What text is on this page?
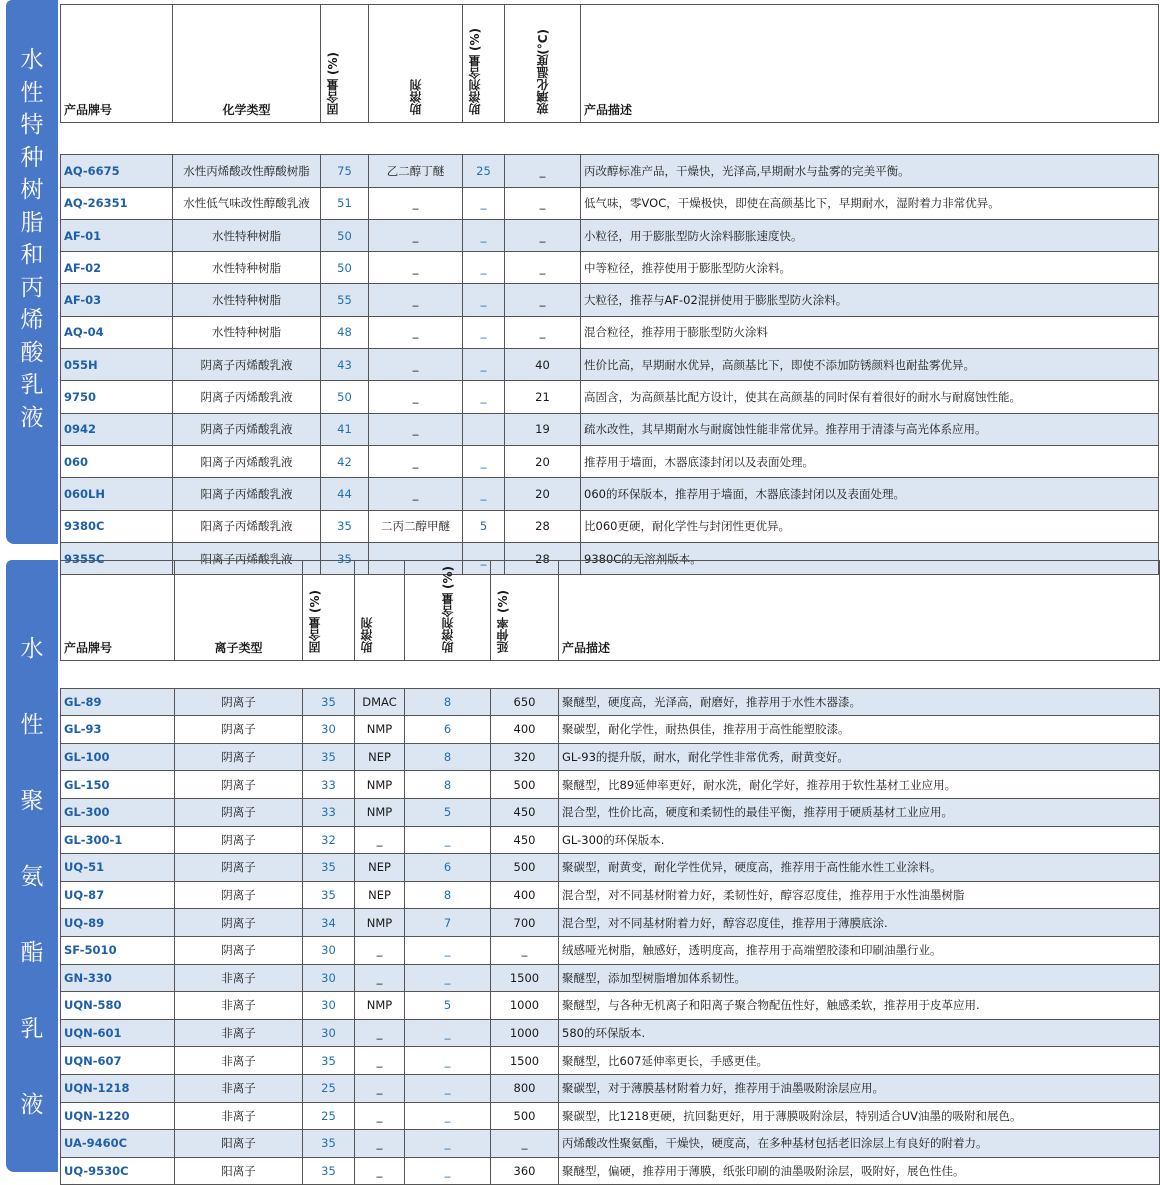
水
性
特
种
树
脂
和
丙
烯
酸
乳
液
产品牌号	化学类型	固含量 (%)	助溶剂	助溶剂含量 (%)	玻璃化温度(°C)	产品描述

AQ-6675	水性丙烯酸改性醇酸树脂	75	乙二醇丁醚	25	_	丙改醇标准产品，干燥快，光泽高,早期耐水与盐雾的完美平衡。
AQ-26351	水性低气味改性醇酸乳液	51	_	_	_	低气味，零VOC，干燥极快，即使在高颜基比下，早期耐水，湿附着力非常优异。
AF-01	水性特种树脂	50	_	_	_	小粒径，用于膨胀型防火涂料膨胀速度快。
AF-02	水性特种树脂	50	_	_	_	中等粒径，推荐使用于膨胀型防火涂料。
AF-03	水性特种树脂	55	_	_	_	大粒径，推荐与AF-02混拼使用于膨胀型防火涂料。
AQ-04	水性特种树脂	48	_	_	_	混合粒径，推荐用于膨胀型防火涂料
055H	阴离子丙烯酸乳液	43	_	_	40	性价比高，早期耐水优异，高颜基比下，即使不添加防锈颜料也耐盐雾优异。
9750	阴离子丙烯酸乳液	50	_	_	21	高固含，为高颜基比配方设计，使其在高颜基的同时保有着很好的耐水与耐腐蚀性能。
0942	阴离子丙烯酸乳液	41	_		19	疏水改性，其早期耐水与耐腐蚀性能非常优异。推荐用于清漆与高光体系应用。
060	阳离子丙烯酸乳液	42	_	_	20	推荐用于墙面，木器底漆封闭以及表面处理。
060LH	阳离子丙烯酸乳液	44	_	_	20	060的环保版本，推荐用于墙面，木器底漆封闭以及表面处理。
9380C	阳离子丙烯酸乳液	35	二丙二醇甲醚	5	28	比060更硬，耐化学性与封闭性更优异。
9355C	阳离子丙烯酸乳液	35		_	28	9380C的无溶剂版本。
水
性
聚
氨
酯
乳
液
产品牌号	离子类型	固含量 (%)	助溶剂	助溶剂含量 (%)	延伸率 (%)	产品描述

GL-89	阴离子	35	DMAC	8	650	聚醚型，硬度高，光泽高，耐磨好，推荐用于水性木器漆。
GL-93	阴离子	30	NMP	6	400	聚碳型，耐化学性，耐热俱佳，推荐用于高性能塑胶漆。
GL-100	阴离子	35	NEP	8	320	GL-93的提升版，耐水，耐化学性非常优秀，耐黄变好。
GL-150	阴离子	33	NMP	8	500	聚醚型，比89延伸率更好，耐水洗，耐化学好，推荐用于软性基材工业应用。
GL-300	阴离子	33	NMP	5	450	混合型，性价比高，硬度和柔韧性的最佳平衡，推荐用于硬质基材工业应用。
GL-300-1	阴离子	32	_	_	450	GL-300的环保版本.
UQ-51	阴离子	35	NEP	6	500	聚碳型，耐黄变，耐化学性优异，硬度高，推荐用于高性能水性工业涂料。
UQ-87	阴离子	35	NEP	8	400	混合型，对不同基材附着力好，柔韧性好，醇容忍度佳，推荐用于水性油墨树脂
UQ-89	阴离子	34	NMP	7	700	混合型，对不同基材附着力好，醇容忍度佳，推荐用于薄膜底涂.
SF-5010	阴离子	30	_	_	_	绒感哑光树脂，触感好，透明度高，推荐用于高端塑胶漆和印刷油墨行业。
GN-330	非离子	30	_	_	1500	聚醚型，添加型树脂增加体系韧性。
UQN-580	非离子	30	NMP	5	1000	聚醚型，与各种无机离子和阳离子聚合物配伍性好，触感柔软，推荐用于皮革应用.
UQN-601	非离子	30	_	_	1000	580的环保版本.
UQN-607	非离子	35	_	_	1500	聚醚型，比607延伸率更长，手感更佳。
UQN-1218	非离子	25	_	_	800	聚碳型，对于薄膜基材附着力好，推荐用于油墨吸附涂层应用。
UQN-1220	非离子	25	_	_	500	聚碳型，比1218更硬，抗回黏更好，用于薄膜吸附涂层，特别适合UV油墨的吸附和展色。
UA-9460C	阳离子	35	_	_	_	丙烯酸改性聚氨酯，干燥快，硬度高，在多种基材包括老旧涂层上有良好的附着力。
UQ-9530C	阳离子	35	_	_	360	聚醚型，偏硬，推荐用于薄膜，纸张印刷的油墨吸附涂层，吸附好，展色性佳。
